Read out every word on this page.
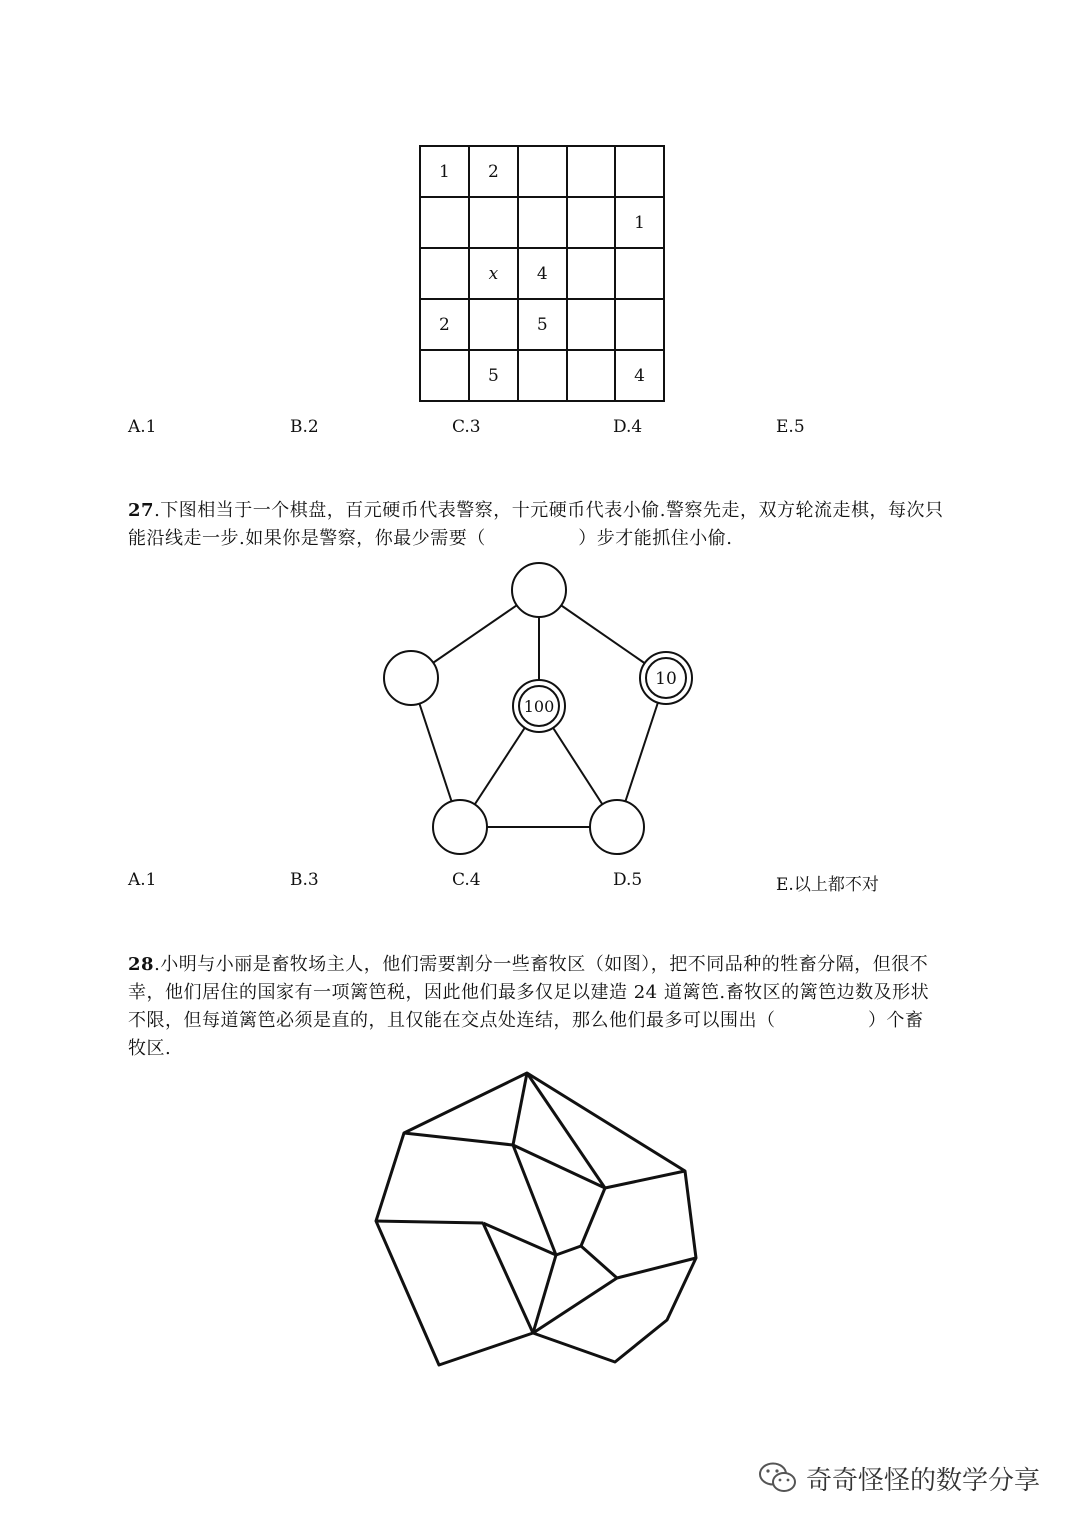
1	2			
				1
	x	4		
2		5		
	5			4
A.1	B.2	C.3	D.4	E.5
27.下图相当于一个棋盘，百元硬币代表警察，十元硬币代表小偷.警察先走，双方轮流走棋，每次只
能沿线走一步.如果你是警察，你最少需要（　　　　　）步才能抓住小偷.
10
100
A.1	B.3	C.4	D.5	E.以上都不对
28.小明与小丽是畜牧场主人，他们需要割分一些畜牧区（如图），把不同品种的牲畜分隔，但很不
幸，他们居住的国家有一项篱笆税，因此他们最多仅足以建造 24 道篱笆.畜牧区的篱笆边数及形状
不限，但每道篱笆必须是直的，且仅能在交点处连结，那么他们最多可以围出（　　　　　）个畜
牧区.
奇奇怪怪的数学分享
